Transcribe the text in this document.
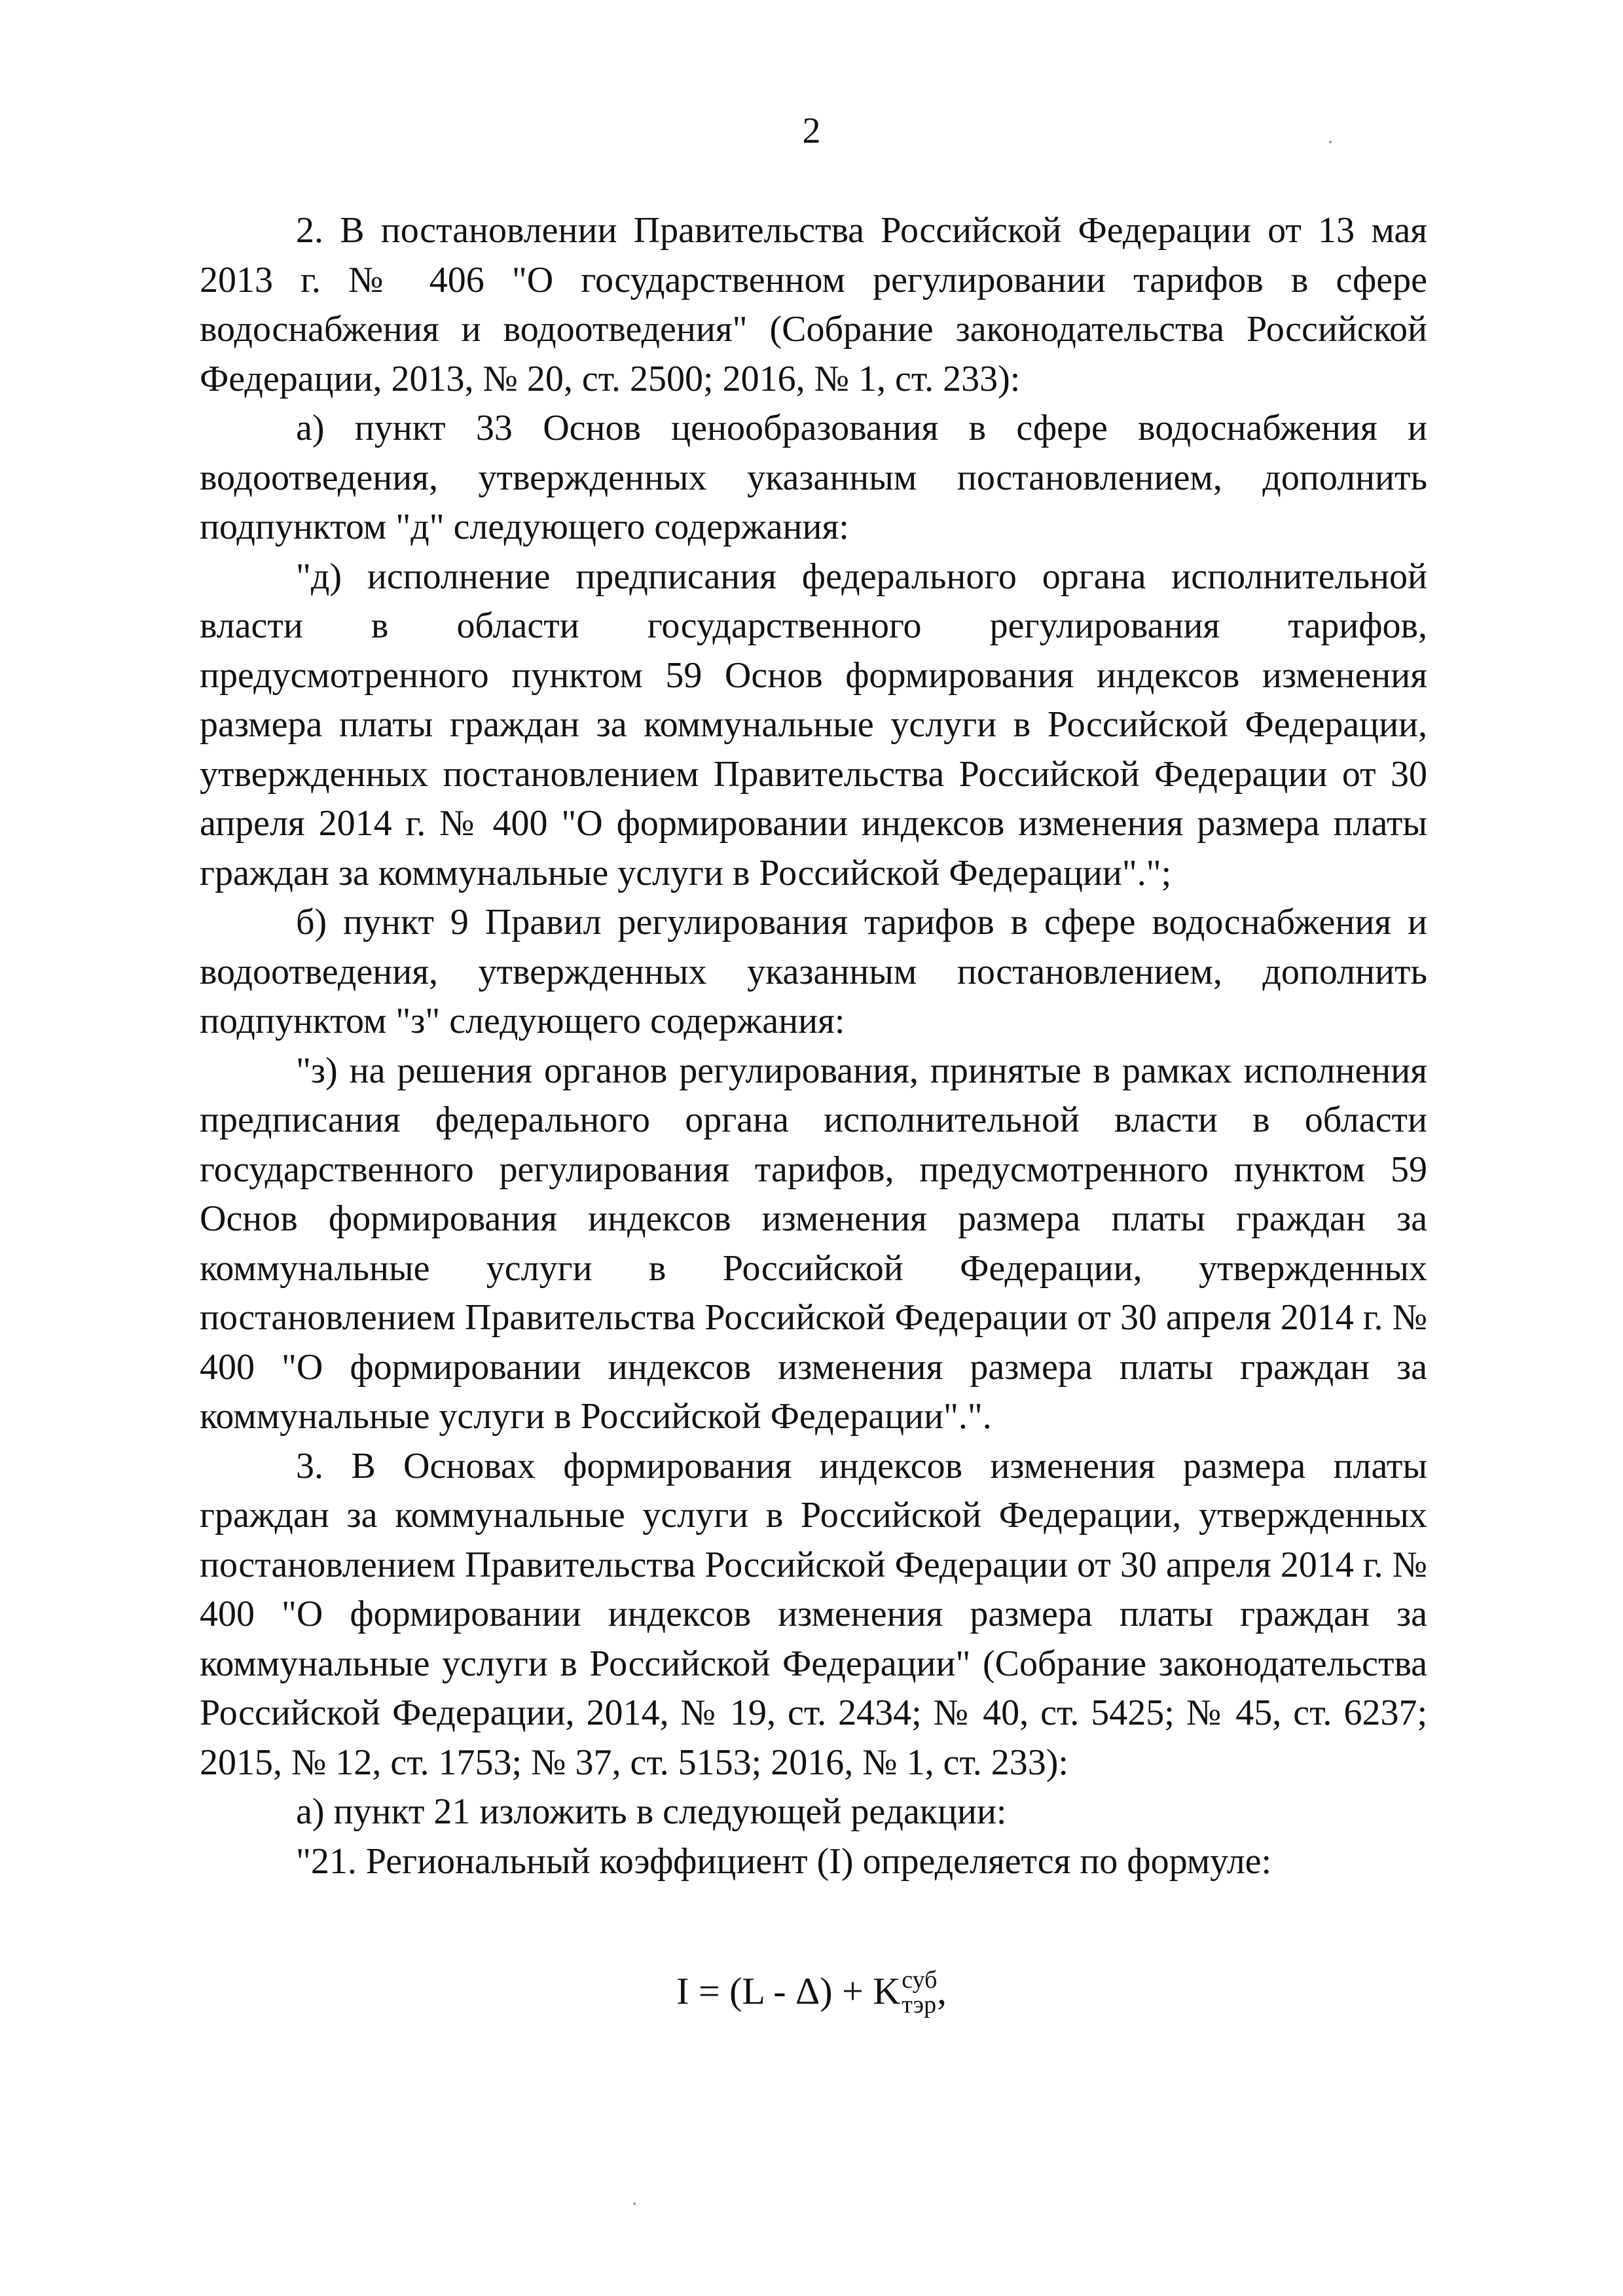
2

2. В постановлении Правительства Российской Федерации от 13 мая 2013 г. № 406 "О государственном регулировании тарифов в сфере водоснабжения и водоотведения" (Собрание законодательства Российской Федерации, 2013, № 20, ст. 2500; 2016, № 1, ст. 233):

а) пункт 33 Основ ценообразования в сфере водоснабжения и водоотведения, утвержденных указанным постановлением, дополнить подпунктом "д" следующего содержания:

"д) исполнение предписания федерального органа исполнительной власти в области государственного регулирования тарифов, предусмотренного пунктом 59 Основ формирования индексов изменения размера платы граждан за коммунальные услуги в Российской Федерации, утвержденных постановлением Правительства Российской Федерации от 30 апреля 2014 г. № 400 "О формировании индексов изменения размера платы граждан за коммунальные услуги в Российской Федерации".";

б) пункт 9 Правил регулирования тарифов в сфере водоснабжения и водоотведения, утвержденных указанным постановлением, дополнить подпунктом "з" следующего содержания:

"з) на решения органов регулирования, принятые в рамках исполнения предписания федерального органа исполнительной власти в области государственного регулирования тарифов, предусмотренного пунктом 59 Основ формирования индексов изменения размера платы граждан за коммунальные услуги в Российской Федерации, утвержденных постановлением Правительства Российской Федерации от 30 апреля 2014 г. № 400 "О формировании индексов изменения размера платы граждан за коммунальные услуги в Российской Федерации".".

3. В Основах формирования индексов изменения размера платы граждан за коммунальные услуги в Российской Федерации, утвержденных постановлением Правительства Российской Федерации от 30 апреля 2014 г. № 400 "О формировании индексов изменения размера платы граждан за коммунальные услуги в Российской Федерации" (Собрание законодательства Российской Федерации, 2014, № 19, ст. 2434; № 40, ст. 5425; № 45, ст. 6237; 2015, № 12, ст. 1753; № 37, ст. 5153; 2016, № 1, ст. 233):

а) пункт 21 изложить в следующей редакции:

"21. Региональный коэффициент (I) определяется по формуле:

I = (L - Δ) + K суб
тэр ,
